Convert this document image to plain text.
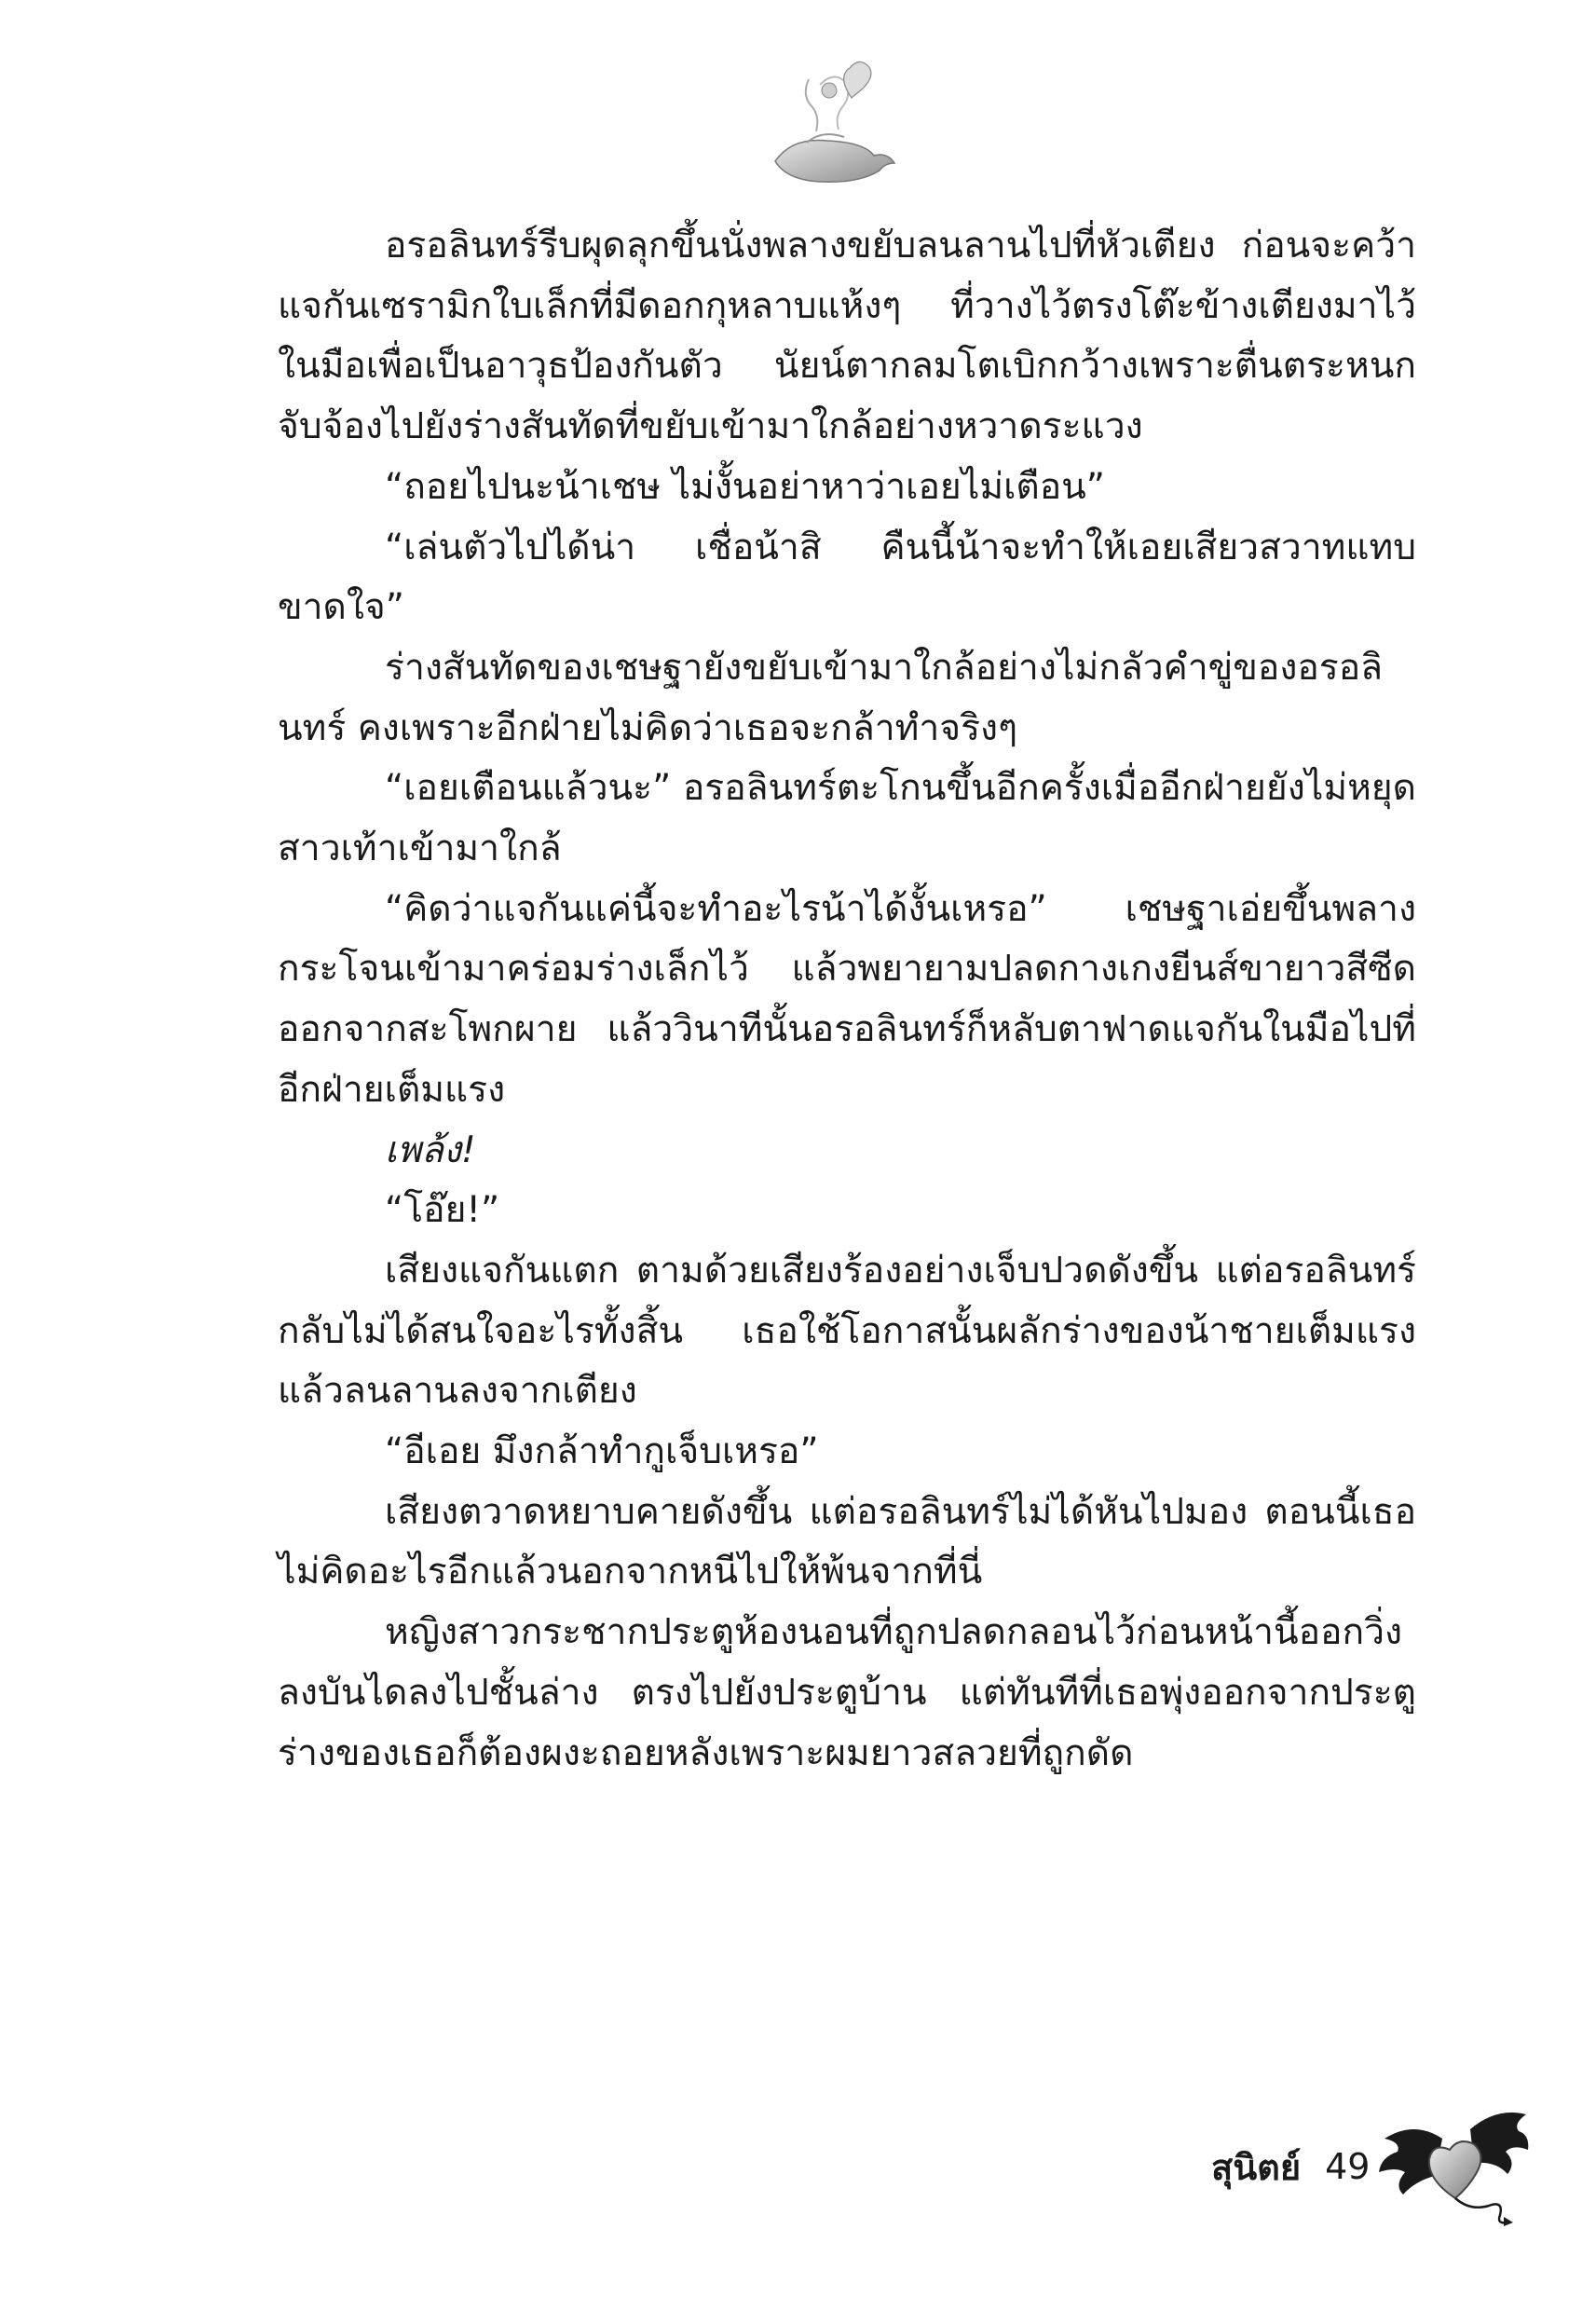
อรอลินทร์รีบผุดลุกขึ้นนั่งพลางขยับลนลานไปที่หัวเตียง ก่อนจะคว้าแจกันเซรามิกใบเล็กที่มีดอกกุหลาบแห้งๆ ที่วางไว้ตรงโต๊ะข้างเตียงมาไว้ในมือเพื่อเป็นอาวุธป้องกันตัว นัยน์ตากลมโตเบิกกว้างเพราะตื่นตระหนกจับจ้องไปยังร่างสันทัดที่ขยับเข้ามาใกล้อย่างหวาดระแวง

“ถอยไปนะน้าเชษ ไม่งั้นอย่าหาว่าเอยไม่เตือน”

“เล่นตัวไปได้น่า เชื่อน้าสิ คืนนี้น้าจะทำให้เอยเสียวสวาทแทบขาดใจ”

ร่างสันทัดของเชษฐายังขยับเข้ามาใกล้อย่างไม่กลัวคำขู่ของอรอลินทร์ คงเพราะอีกฝ่ายไม่คิดว่าเธอจะกล้าทำจริงๆ

“เอยเตือนแล้วนะ” อรอลินทร์ตะโกนขึ้นอีกครั้งเมื่ออีกฝ่ายยังไม่หยุดสาวเท้าเข้ามาใกล้

“คิดว่าแจกันแค่นี้จะทำอะไรน้าได้งั้นเหรอ” เชษฐาเอ่ยขึ้นพลางกระโจนเข้ามาคร่อมร่างเล็กไว้ แล้วพยายามปลดกางเกงยีนส์ขายาวสีซีดออกจากสะโพกผาย แล้ววินาทีนั้นอรอลินทร์ก็หลับตาฟาดแจกันในมือไปที่อีกฝ่ายเต็มแรง

เพล้ง!

“โอ๊ย!”

เสียงแจกันแตก ตามด้วยเสียงร้องอย่างเจ็บปวดดังขึ้น แต่อรอลินทร์กลับไม่ได้สนใจอะไรทั้งสิ้น เธอใช้โอกาสนั้นผลักร่างของน้าชายเต็มแรงแล้วลนลานลงจากเตียง

“อีเอย มึงกล้าทำกูเจ็บเหรอ”

เสียงตวาดหยาบคายดังขึ้น แต่อรอลินทร์ไม่ได้หันไปมอง ตอนนี้เธอไม่คิดอะไรอีกแล้วนอกจากหนีไปให้พ้นจากที่นี่

หญิงสาวกระชากประตูห้องนอนที่ถูกปลดกลอนไว้ก่อนหน้านี้ออกวิ่งลงบันไดลงไปชั้นล่าง ตรงไปยังประตูบ้าน แต่ทันทีที่เธอพุ่งออกจากประตู ร่างของเธอก็ต้องผงะถอยหลังเพราะผมยาวสลวยที่ถูกดัด

สุนิตย์ 49
